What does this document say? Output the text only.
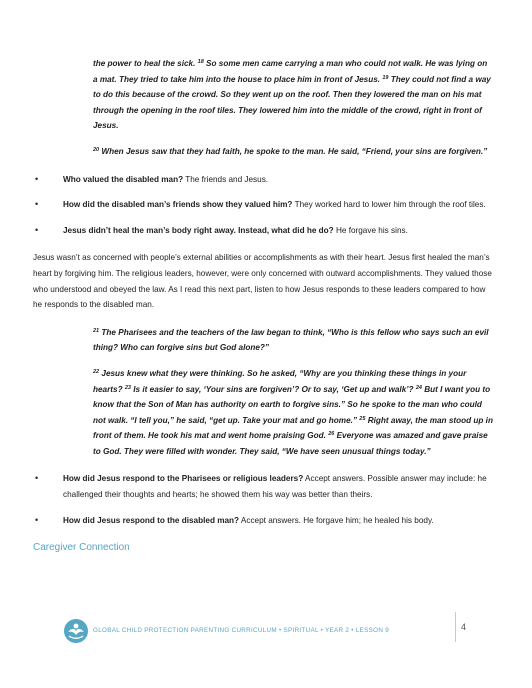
the power to heal the sick. $^{18}$ So some men came carrying a man who could not walk. He was lying on a mat. They tried to take him into the house to place him in front of Jesus. $^{19}$ They could not find a way to do this because of the crowd. So they went up on the roof. Then they lowered the man on his mat through the opening in the roof tiles. They lowered him into the middle of the crowd, right in front of Jesus.

$^{20}$ When Jesus saw that they had faith, he spoke to the man. He said, “Friend, your sins are forgiven.”

•	Who valued the disabled man? The friends and Jesus.
•	How did the disabled man’s friends show they valued him? They worked hard to lower him through the roof tiles.
•	Jesus didn’t heal the man’s body right away. Instead, what did he do? He forgave his sins.

Jesus wasn’t as concerned with people’s external abilities or accomplishments as with their heart. Jesus first healed the man’s heart by forgiving him. The religious leaders, however, were only concerned with outward accomplishments. They valued those who understood and obeyed the law. As I read this next part, listen to how Jesus responds to these leaders compared to how he responds to the disabled man.

$^{21}$ The Pharisees and the teachers of the law began to think, “Who is this fellow who says such an evil thing? Who can forgive sins but God alone?”

$^{22}$ Jesus knew what they were thinking. So he asked, “Why are you thinking these things in your hearts? $^{23}$ Is it easier to say, ‘Your sins are forgiven’? Or to say, ‘Get up and walk’? $^{24}$ But I want you to know that the Son of Man has authority on earth to forgive sins.” So he spoke to the man who could not walk. “I tell you,” he said, “get up. Take your mat and go home.” $^{25}$ Right away, the man stood up in front of them. He took his mat and went home praising God. $^{26}$ Everyone was amazed and gave praise to God. They were filled with wonder. They said, “We have seen unusual things today.”

•	How did Jesus respond to the Pharisees or religious leaders? Accept answers. Possible answer may include: he challenged their thoughts and hearts; he showed them his way was better than theirs.
•	How did Jesus respond to the disabled man? Accept answers. He forgave him; he healed his body.
Caregiver Connection
GLOBAL CHILD PROTECTION PARENTING CURRICULUM • SPIRITUAL • YEAR 2 • LESSON 9	4
